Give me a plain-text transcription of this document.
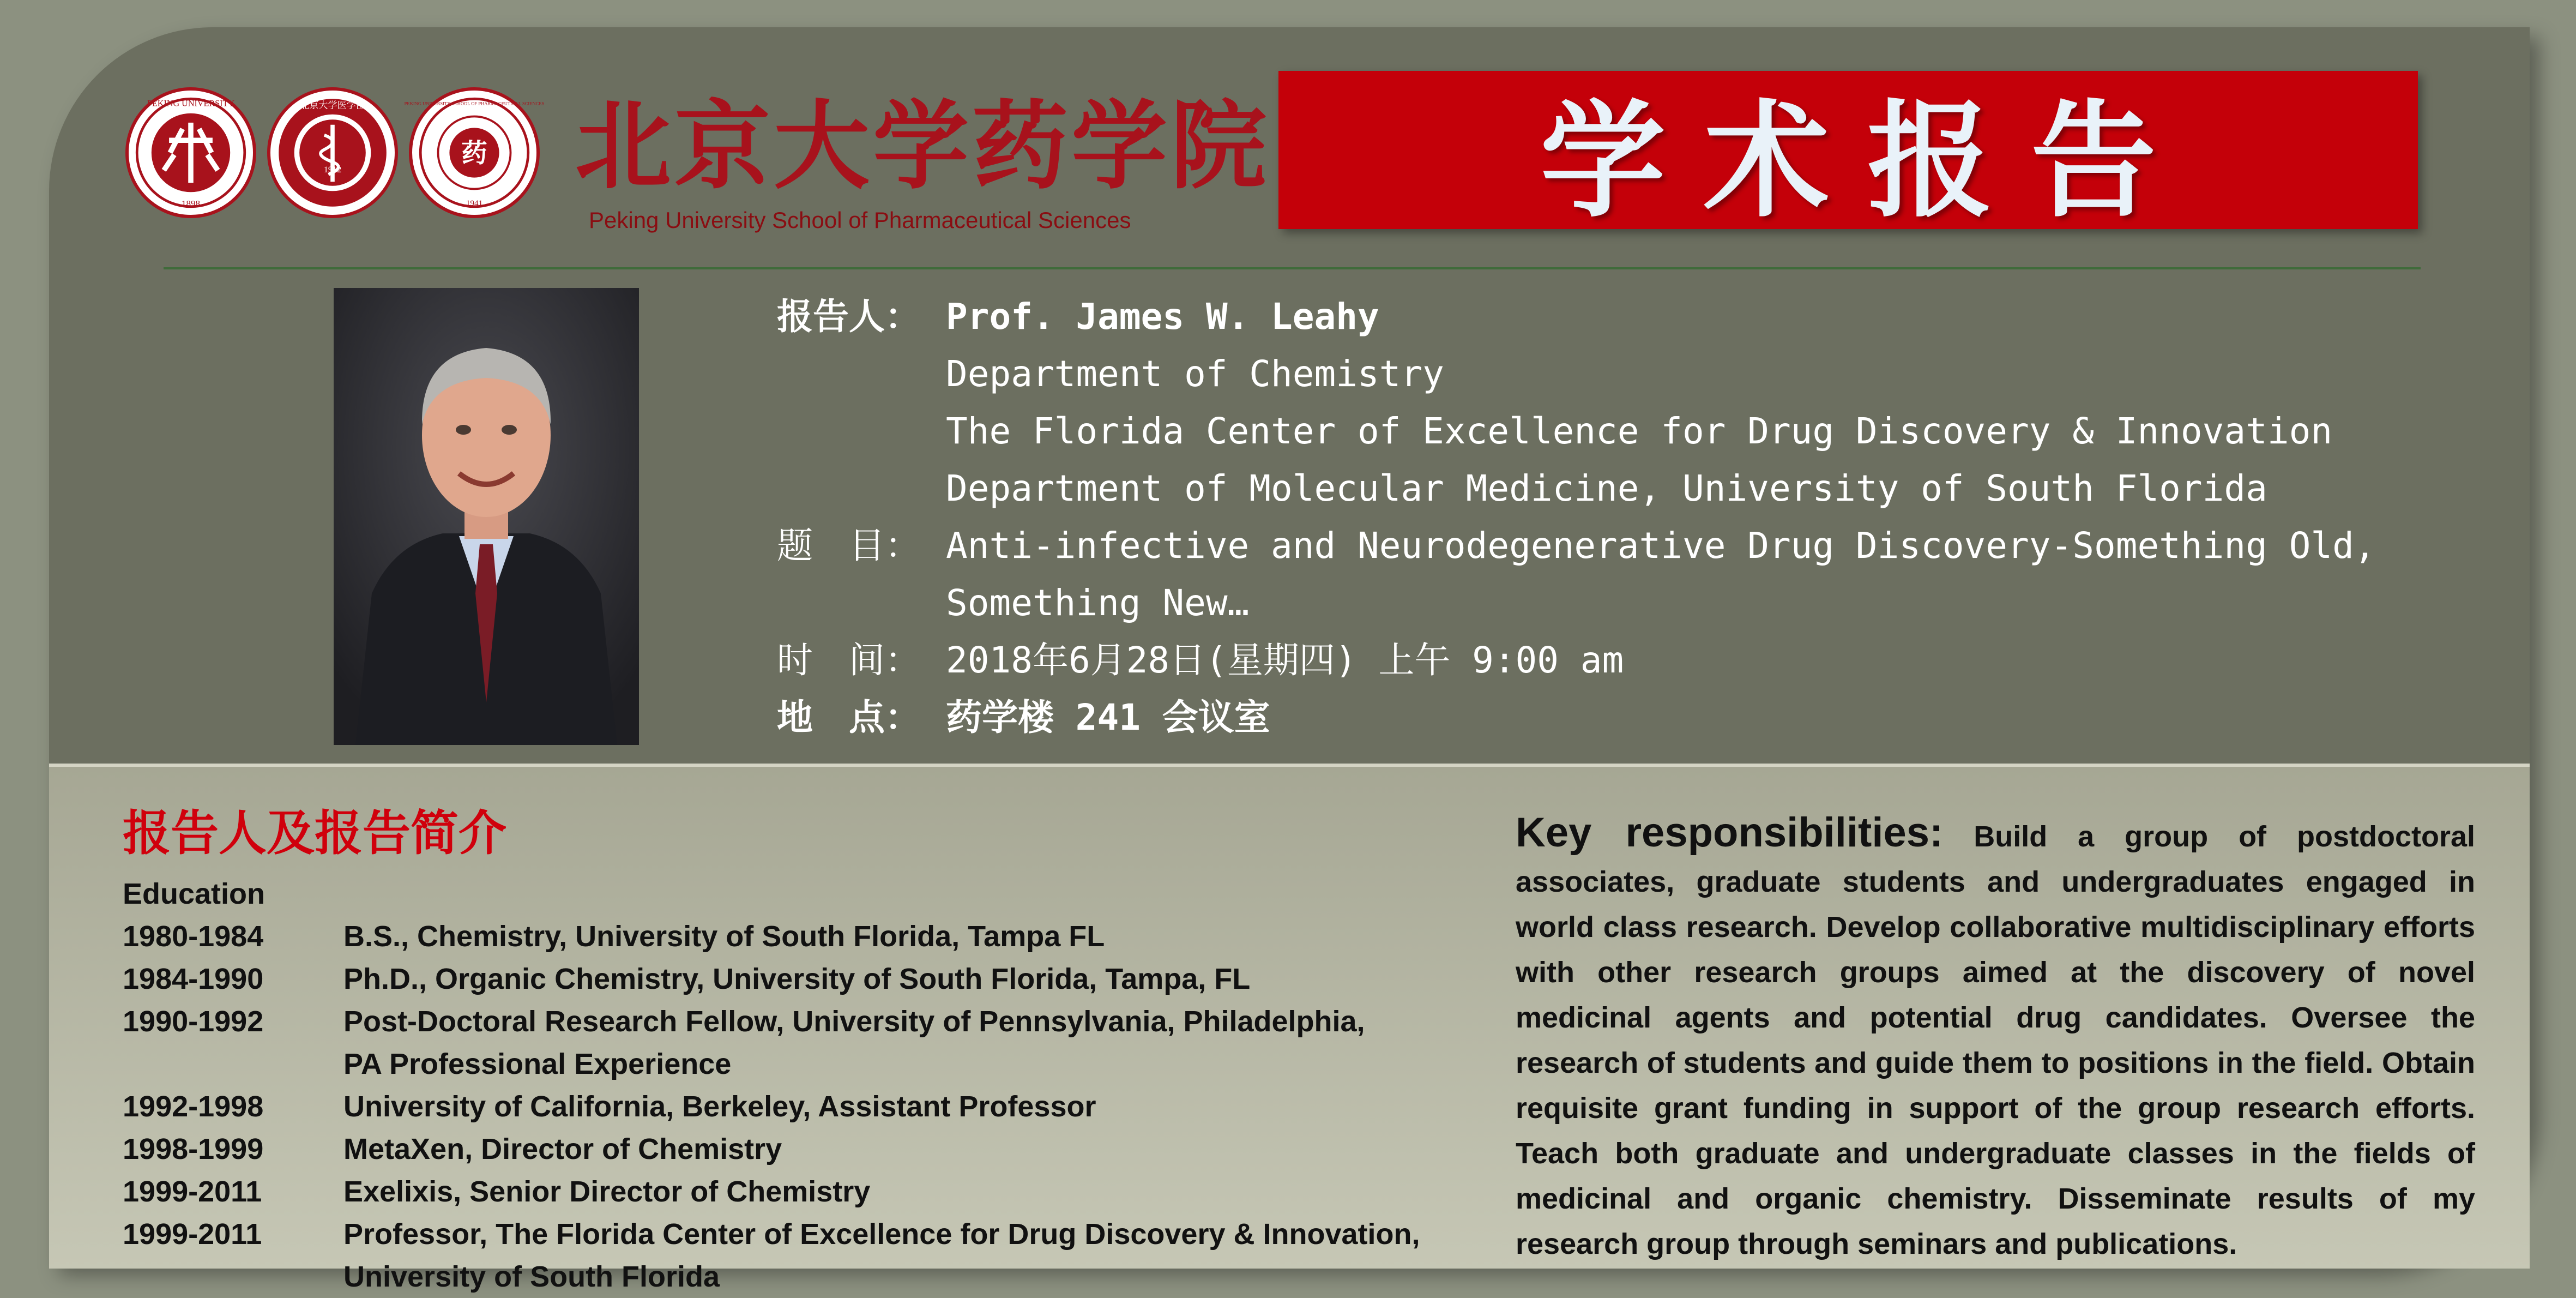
PEKING UNIVERSITY
1898
北京大学医学部
1912
药
PEKING UNIVERSITY SCHOOL OF PHARMACEUTICAL SCIENCES
1941
北京大学药学院
Peking University School of Pharmaceutical Sciences	学术报告
报告人： Prof. James W. Leahy
Department of Chemistry
The Florida Center of Excellence for Drug Discovery & Innovation
Department of Molecular Medicine, University of South Florida
题　目： Anti-infective and Neurodegenerative Drug Discovery-Something Old,
Something New…
时　间： 2018年6月28日(星期四) 上午 9:00 am
地　点： 药学楼 241 会议室
报告人及报告简介
Education
1980-1984	B.S., Chemistry, University of South Florida, Tampa FL
1984-1990	Ph.D., Organic Chemistry, University of South Florida, Tampa, FL
1990-1992	Post-Doctoral Research Fellow, University of Pennsylvania, Philadelphia,
PA Professional Experience
1992-1998	University of California, Berkeley, Assistant Professor
1998-1999	MetaXen, Director of Chemistry
1999-2011	Exelixis, Senior Director of Chemistry
1999-2011	Professor, The Florida Center of Excellence for Drug Discovery & Innovation,
University of South Florida
Key responsibilities: Build a group of postdoctoral associates, graduate students and undergraduates engaged in world class research. Develop collaborative multidisciplinary efforts with other research groups aimed at the discovery of novel medicinal agents and potential drug candidates. Oversee the research of students and guide them to positions in the field. Obtain requisite grant funding in support of the group research efforts. Teach both graduate and undergraduate classes in the fields of medicinal and organic chemistry. Disseminate results of my research group through seminars and publications.
